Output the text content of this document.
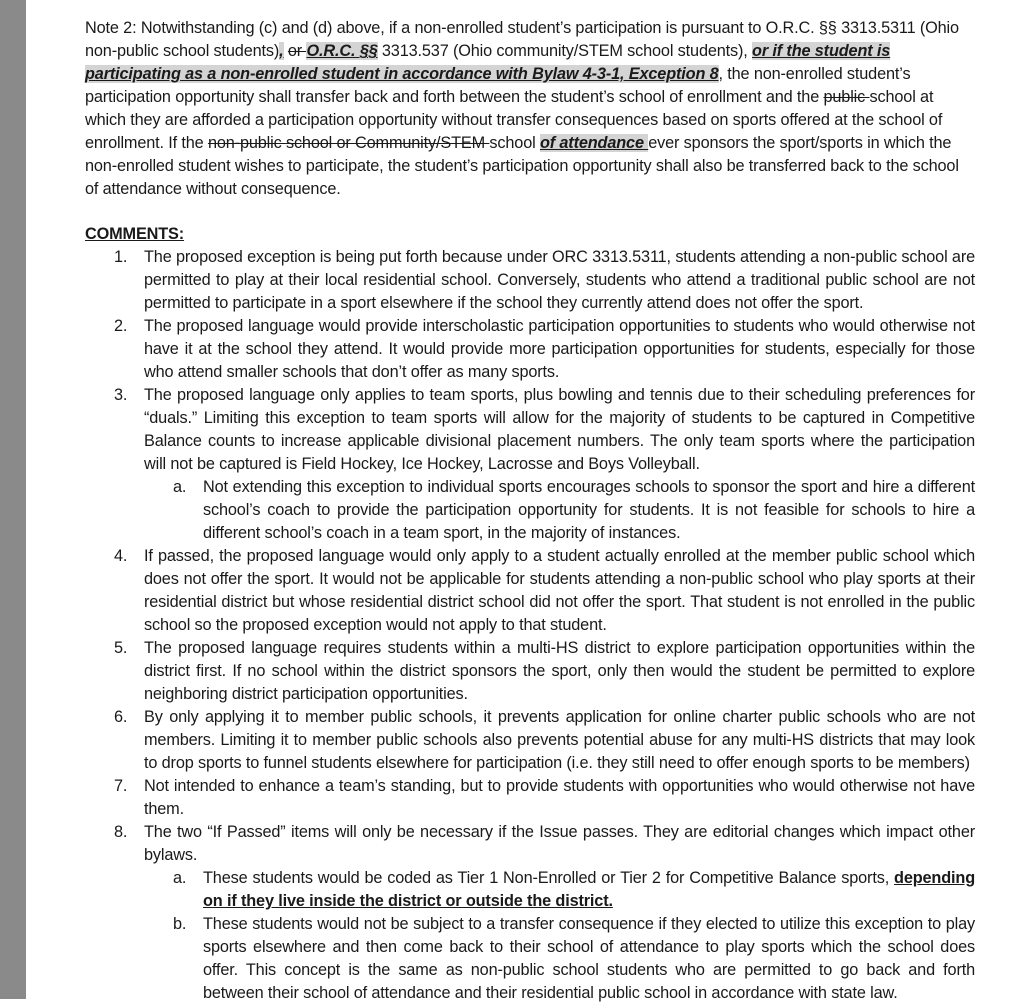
Note 2: Notwithstanding (c) and (d) above, if a non-enrolled student’s participation is pursuant to O.R.C. §§ 3313.5311 (Ohio non-public school students), or O.R.C. §§ 3313.537 (Ohio community/STEM school students), or if the student is participating as a non-enrolled student in accordance with Bylaw 4-3-1, Exception 8, the non-enrolled student’s participation opportunity shall transfer back and forth between the student’s school of enrollment and the public school at which they are afforded a participation opportunity without transfer consequences based on sports offered at the school of enrollment. If the non-public school or Community/STEM school of attendance ever sponsors the sport/sports in which the non-enrolled student wishes to participate, the student’s participation opportunity shall also be transferred back to the school of attendance without consequence.

COMMENTS:
1. The proposed exception is being put forth because under ORC 3313.5311, students attending a non-public school are permitted to play at their local residential school. Conversely, students who attend a traditional public school are not permitted to participate in a sport elsewhere if the school they currently attend does not offer the sport.
2. The proposed language would provide interscholastic participation opportunities to students who would otherwise not have it at the school they attend. It would provide more participation opportunities for students, especially for those who attend smaller schools that don’t offer as many sports.
3. The proposed language only applies to team sports, plus bowling and tennis due to their scheduling preferences for “duals.” Limiting this exception to team sports will allow for the majority of students to be captured in Competitive Balance counts to increase applicable divisional placement numbers. The only team sports where the participation will not be captured is Field Hockey, Ice Hockey, Lacrosse and Boys Volleyball.
a. Not extending this exception to individual sports encourages schools to sponsor the sport and hire a different school’s coach to provide the participation opportunity for students. It is not feasible for schools to hire a different school’s coach in a team sport, in the majority of instances.
4. If passed, the proposed language would only apply to a student actually enrolled at the member public school which does not offer the sport. It would not be applicable for students attending a non-public school who play sports at their residential district but whose residential district school did not offer the sport. That student is not enrolled in the public school so the proposed exception would not apply to that student.
5. The proposed language requires students within a multi-HS district to explore participation opportunities within the district first. If no school within the district sponsors the sport, only then would the student be permitted to explore neighboring district participation opportunities.
6. By only applying it to member public schools, it prevents application for online charter public schools who are not members. Limiting it to member public schools also prevents potential abuse for any multi-HS districts that may look to drop sports to funnel students elsewhere for participation (i.e. they still need to offer enough sports to be members)
7. Not intended to enhance a team’s standing, but to provide students with opportunities who would otherwise not have them.
8. The two “If Passed” items will only be necessary if the Issue passes. They are editorial changes which impact other bylaws.
a. These students would be coded as Tier 1 Non-Enrolled or Tier 2 for Competitive Balance sports, depending on if they live inside the district or outside the district.
b. These students would not be subject to a transfer consequence if they elected to utilize this exception to play sports elsewhere and then come back to their school of attendance to play sports which the school does offer. This concept is the same as non-public school students who are permitted to go back and forth between their school of attendance and their residential public school in accordance with state law.
